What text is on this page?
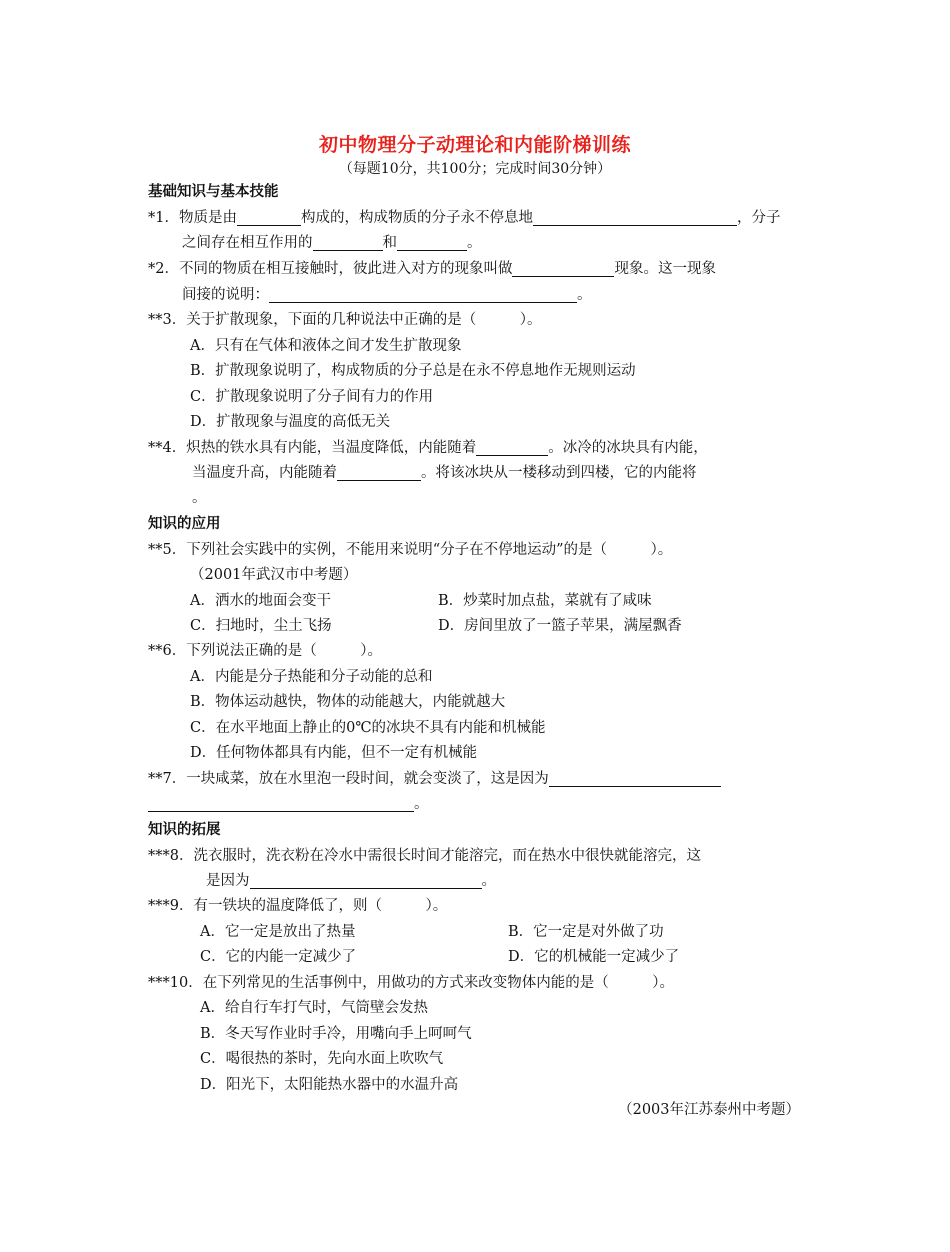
初中物理分子动理论和内能阶梯训练
（每题10分，共100分；完成时间30分钟）
基础知识与基本技能
*1．物质是由	构成的，构成物质的分子永不停息地	，分子
之间存在相互作用的	和	。
*2．不同的物质在相互接触时，彼此进入对方的现象叫做	现象。这一现象
间接的说明：	。
**3．关于扩散现象，下面的几种说法中正确的是（　　　）。
A．只有在气体和液体之间才发生扩散现象
B．扩散现象说明了，构成物质的分子总是在永不停息地作无规则运动
C．扩散现象说明了分子间有力的作用
D．扩散现象与温度的高低无关
**4．炽热的铁水具有内能，当温度降低，内能随着	。冰冷的冰块具有内能，
当温度升高，内能随着	。将该冰块从一楼移动到四楼，它的内能将
。
知识的应用
**5．下列社会实践中的实例，不能用来说明“分子在不停地运动”的是（　　　）。
（2001年武汉市中考题）
A．洒水的地面会变干	B．炒菜时加点盐，菜就有了咸味
C．扫地时，尘土飞扬	D．房间里放了一篮子苹果，满屋飘香
**6．下列说法正确的是（　　　）。
A．内能是分子热能和分子动能的总和
B．物体运动越快，物体的动能越大，内能就越大
C．在水平地面上静止的0℃的冰块不具有内能和机械能
D．任何物体都具有内能，但不一定有机械能
**7．一块咸菜，放在水里泡一段时间，就会变淡了，这是因为
。
知识的拓展
***8．洗衣服时，洗衣粉在冷水中需很长时间才能溶完，而在热水中很快就能溶完，这
是因为	。
***9．有一铁块的温度降低了，则（　　　）。
A．它一定是放出了热量	B．它一定是对外做了功
C．它的内能一定减少了	D．它的机械能一定减少了
***10．在下列常见的生活事例中，用做功的方式来改变物体内能的是（　　　）。
A．给自行车打气时，气筒壁会发热
B．冬天写作业时手冷，用嘴向手上呵呵气
C．喝很热的茶时，先向水面上吹吹气
D．阳光下，太阳能热水器中的水温升高
（2003年江苏泰州中考题）
